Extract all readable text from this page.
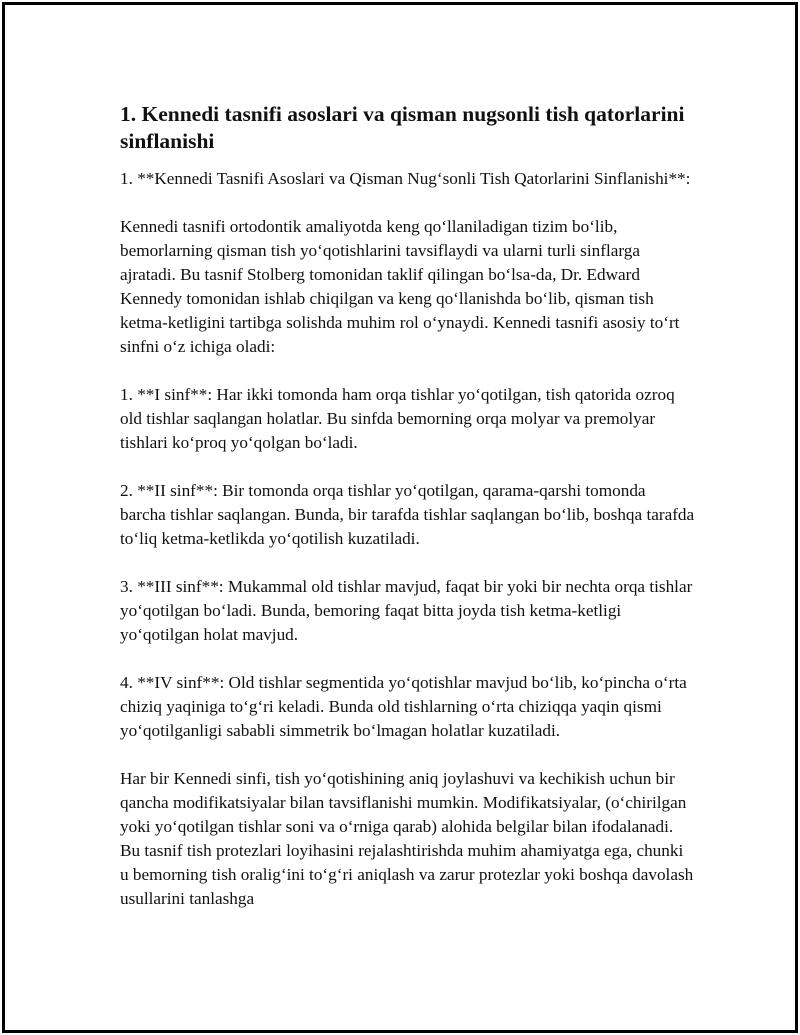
1. Kennedi tasnifi asoslari va qisman nugsonli tish qatorlarini sinflanishi

1. **Kennedi Tasnifi Asoslari va Qisman Nug‘sonli Tish Qatorlarini Sinflanishi**:

Kennedi tasnifi ortodontik amaliyotda keng qo‘llaniladigan tizim bo‘lib, bemorlarning qisman tish yo‘qotishlarini tavsiflaydi va ularni turli sinflarga ajratadi. Bu tasnif Stolberg tomonidan taklif qilingan bo‘lsa-da, Dr. Edward Kennedy tomonidan ishlab chiqilgan va keng qo‘llanishda bo‘lib, qisman tish ketma-ketligini tartibga solishda muhim rol o‘ynaydi. Kennedi tasnifi asosiy to‘rt sinfni o‘z ichiga oladi:

1. **I sinf**: Har ikki tomonda ham orqa tishlar yo‘qotilgan, tish qatorida ozroq old tishlar saqlangan holatlar. Bu sinfda bemorning orqa molyar va premolyar tishlari ko‘proq yo‘qolgan bo‘ladi.

2. **II sinf**: Bir tomonda orqa tishlar yo‘qotilgan, qarama-qarshi tomonda barcha tishlar saqlangan. Bunda, bir tarafda tishlar saqlangan bo‘lib, boshqa tarafda to‘liq ketma-ketlikda yo‘qotilish kuzatiladi.

3. **III sinf**: Mukammal old tishlar mavjud, faqat bir yoki bir nechta orqa tishlar yo‘qotilgan bo‘ladi. Bunda, bemoring faqat bitta joyda tish ketma-ketligi yo‘qotilgan holat mavjud.

4. **IV sinf**: Old tishlar segmentida yo‘qotishlar mavjud bo‘lib, ko‘pincha o‘rta chiziq yaqiniga to‘g‘ri keladi. Bunda old tishlarning o‘rta chiziqqa yaqin qismi yo‘qotilganligi sababli simmetrik bo‘lmagan holatlar kuzatiladi.

Har bir Kennedi sinfi, tish yo‘qotishining aniq joylashuvi va kechikish uchun bir qancha modifikatsiyalar bilan tavsiflanishi mumkin. Modifikatsiyalar, (o‘chirilgan yoki yo‘qotilgan tishlar soni va o‘rniga qarab) alohida belgilar bilan ifodalanadi. Bu tasnif tish protezlari loyihasini rejalashtirishda muhim ahamiyatga ega, chunki u bemorning tish oralig‘ini to‘g‘ri aniqlash va zarur protezlar yoki boshqa davolash usullarini tanlashga
